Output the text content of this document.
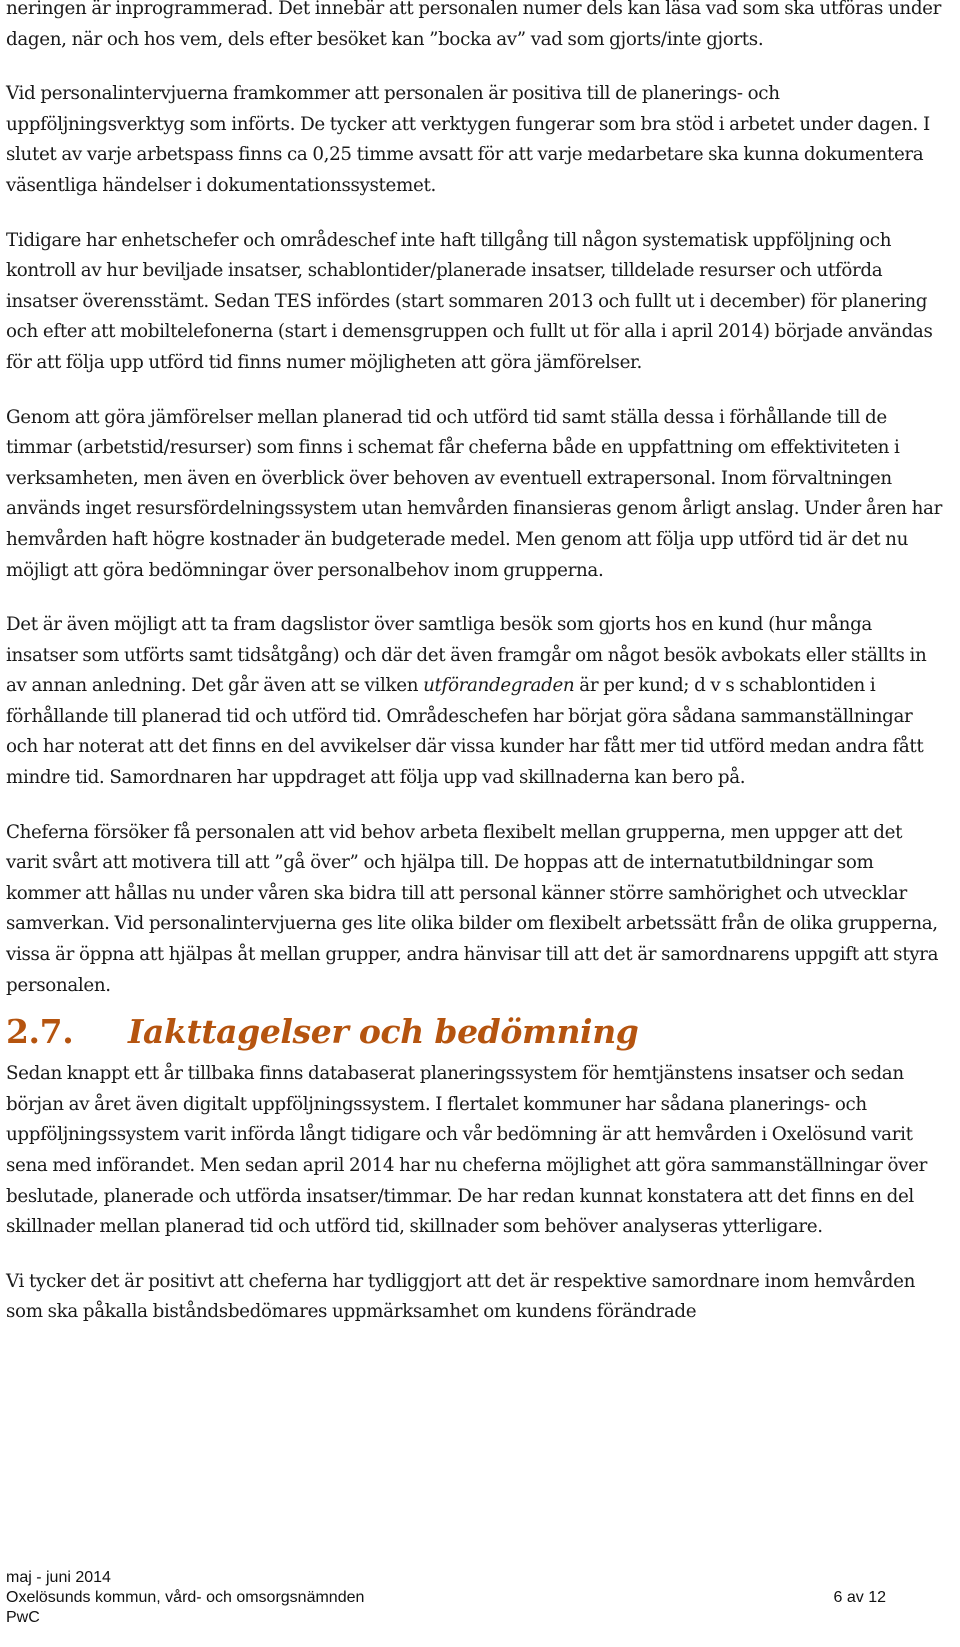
neringen är inprogrammerad. Det innebär att personalen numer dels kan läsa vad som ska utföras under dagen, när och hos vem, dels efter besöket kan ”bocka av” vad som gjorts/inte gjorts.

Vid personalintervjuerna framkommer att personalen är positiva till de planerings- och uppföljningsverktyg som införts. De tycker att verktygen fungerar som bra stöd i arbetet under dagen. I slutet av varje arbetspass finns ca 0,25 timme avsatt för att varje medarbetare ska kunna dokumentera väsentliga händelser i dokumentationssystemet.

Tidigare har enhetschefer och områdeschef inte haft tillgång till någon systematisk uppföljning och kontroll av hur beviljade insatser, schablontider/planerade insatser, tilldelade resurser och utförda insatser överensstämt. Sedan TES infördes (start sommaren 2013 och fullt ut i december) för planering och efter att mobiltelefonerna (start i demensgruppen och fullt ut för alla i april 2014) började användas för att följa upp utförd tid finns numer möjligheten att göra jämförelser.

Genom att göra jämförelser mellan planerad tid och utförd tid samt ställa dessa i förhållande till de timmar (arbetstid/resurser) som finns i schemat får cheferna både en uppfattning om effektiviteten i verksamheten, men även en överblick över behoven av eventuell extrapersonal. Inom förvaltningen används inget resursfördelningssystem utan hemvården finansieras genom årligt anslag. Under åren har hemvården haft högre kostnader än budgeterade medel. Men genom att följa upp utförd tid är det nu möjligt att göra bedömningar över personalbehov inom grupperna.

Det är även möjligt att ta fram dagslistor över samtliga besök som gjorts hos en kund (hur många insatser som utförts samt tidsåtgång) och där det även framgår om något besök avbokats eller ställts in av annan anledning. Det går även att se vilken utförandegraden är per kund; d v s schablontiden i förhållande till planerad tid och utförd tid. Områdeschefen har börjat göra sådana sammanställningar och har noterat att det finns en del avvikelser där vissa kunder har fått mer tid utförd medan andra fått mindre tid. Samordnaren har uppdraget att följa upp vad skillnaderna kan bero på.

Cheferna försöker få personalen att vid behov arbeta flexibelt mellan grupperna, men uppger att det varit svårt att motivera till att ”gå över” och hjälpa till. De hoppas att de internatutbildningar som kommer att hållas nu under våren ska bidra till att personal känner större samhörighet och utvecklar samverkan. Vid personalintervjuerna ges lite olika bilder om flexibelt arbetssätt från de olika grupperna, vissa är öppna att hjälpas åt mellan grupper, andra hänvisar till att det är samordnarens uppgift att styra personalen.

2.7. Iakttagelser och bedömning

Sedan knappt ett år tillbaka finns databaserat planeringssystem för hemtjänstens insatser och sedan början av året även digitalt uppföljningssystem. I flertalet kommuner har sådana planerings- och uppföljningssystem varit införda långt tidigare och vår bedömning är att hemvården i Oxelösund varit sena med införandet. Men sedan april 2014 har nu cheferna möjlighet att göra sammanställningar över beslutade, planerade och utförda insatser/timmar. De har redan kunnat konstatera att det finns en del skillnader mellan planerad tid och utförd tid, skillnader som behöver analyseras ytterligare.

Vi tycker det är positivt att cheferna har tydliggjort att det är respektive samordnare inom hemvården som ska påkalla biståndsbedömares uppmärksamhet om kundens förändrade

maj - juni 2014
Oxelösunds kommun, vård- och omsorgsnämnden	6 av 12
PwC
